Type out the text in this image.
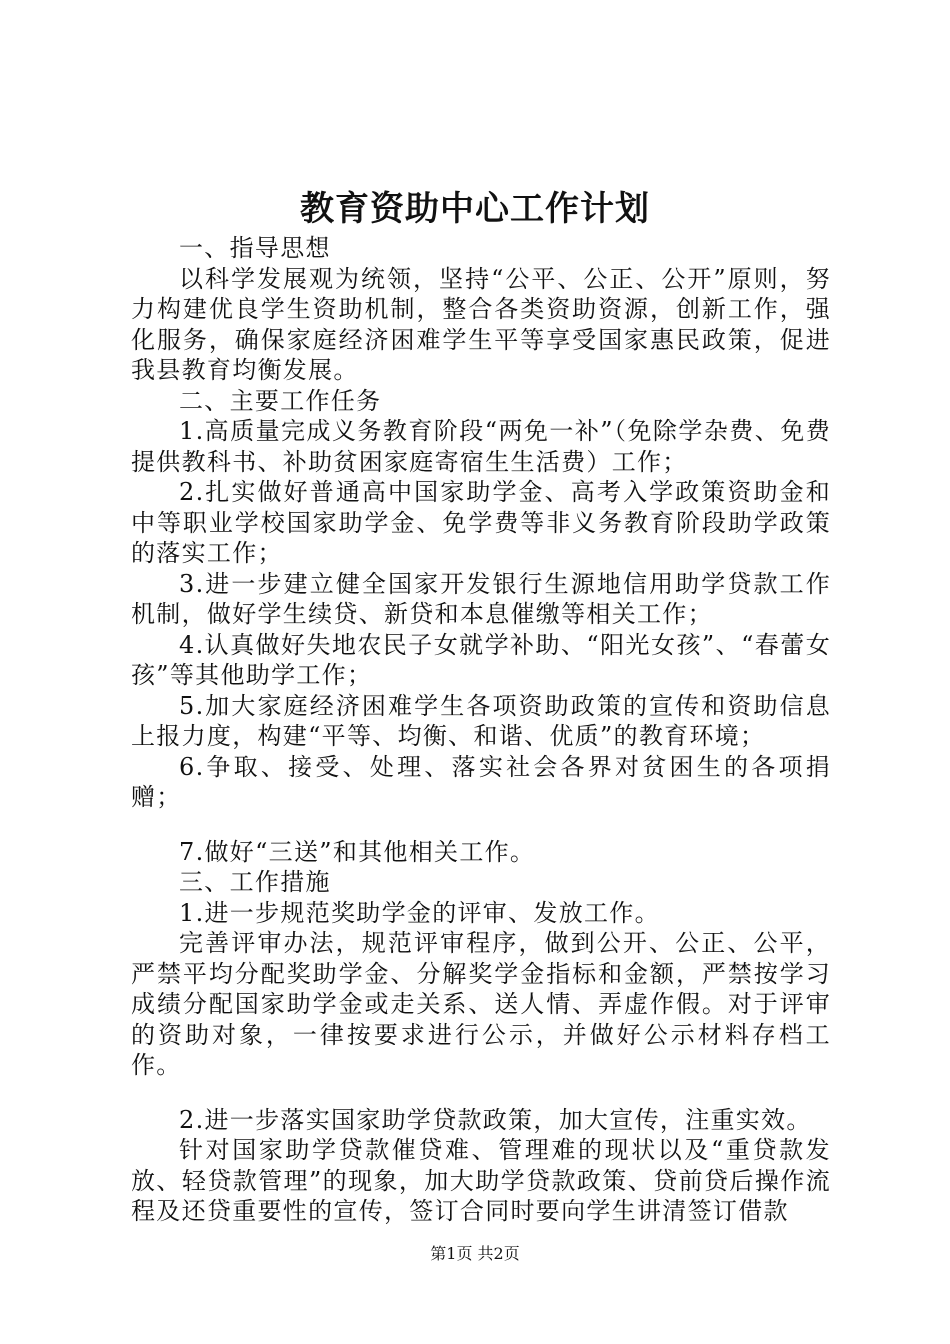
教育资助中心工作计划

一、指导思想

以科学发展观为统领，坚持“公平、公正、公开”原则，努力构建优良学生资助机制，整合各类资助资源，创新工作，强化服务，确保家庭经济困难学生平等享受国家惠民政策，促进我县教育均衡发展。

二、主要工作任务

1.高质量完成义务教育阶段“两免一补”（免除学杂费、免费提供教科书、补助贫困家庭寄宿生生活费）工作；

2.扎实做好普通高中国家助学金、高考入学政策资助金和中等职业学校国家助学金、免学费等非义务教育阶段助学政策的落实工作；

3.进一步建立健全国家开发银行生源地信用助学贷款工作机制，做好学生续贷、新贷和本息催缴等相关工作；

4.认真做好失地农民子女就学补助、“阳光女孩”、“春蕾女孩”等其他助学工作；

5.加大家庭经济困难学生各项资助政策的宣传和资助信息上报力度，构建“平等、均衡、和谐、优质”的教育环境；

6.争取、接受、处理、落实社会各界对贫困生的各项捐赠；

7.做好“三送”和其他相关工作。

三、工作措施

1.进一步规范奖助学金的评审、发放工作。

完善评审办法，规范评审程序，做到公开、公正、公平，严禁平均分配奖助学金、分解奖学金指标和金额，严禁按学习成绩分配国家助学金或走关系、送人情、弄虚作假。对于评审的资助对象，一律按要求进行公示，并做好公示材料存档工作。

2.进一步落实国家助学贷款政策，加大宣传，注重实效。

针对国家助学贷款催贷难、管理难的现状以及“重贷款发放、轻贷款管理”的现象，加大助学贷款政策、贷前贷后操作流程及还贷重要性的宣传，签订合同时要向学生讲清签订借款

第1页 共2页
